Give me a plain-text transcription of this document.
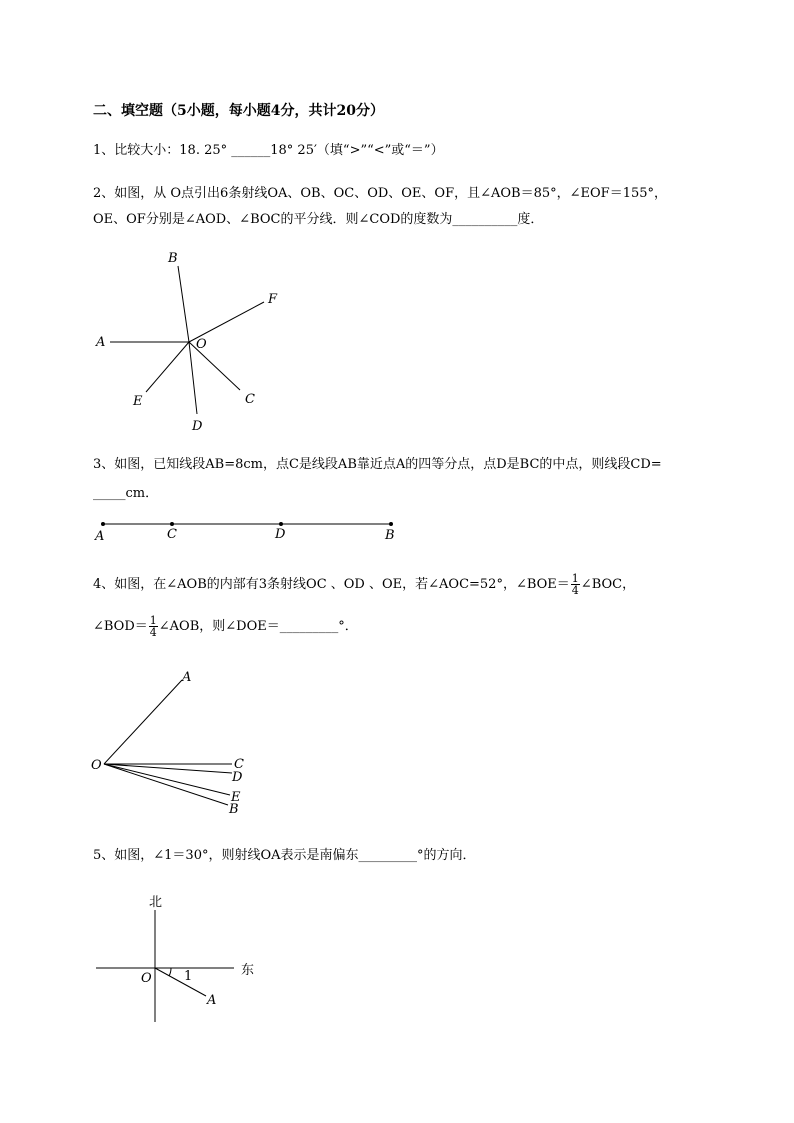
二、填空题（5小题，每小题4分，共计20分）
1、比较大小：18. 25° ______18° 25′（填“>”“<”或“＝”）
2、如图，从 O点引出6条射线OA、OB、OC、OD、OE、OF，且∠AOB＝85°，∠EOF＝155°，
OE、OF分别是∠AOD、∠BOC的平分线．则∠COD的度数为__________度．
B
F
A	O
E	C
D
3、如图，已知线段AB=8cm，点C是线段AB靠近点A的四等分点，点D是BC的中点，则线段CD=
_____cm．
A	C	D	B
4、如图，在∠AOB的内部有3条射线OC 、OD 、OE，若∠AOC=52°，∠BOE＝ $\frac{1}{4}$ ∠BOC，
∠BOD＝ $\frac{1}{4}$ ∠AOB，则∠DOE＝_________°．
A
O	C
D
E
B
5、如图，∠1＝30°，则射线OA表示是南偏东_________°的方向．
北
东
O 1
A
